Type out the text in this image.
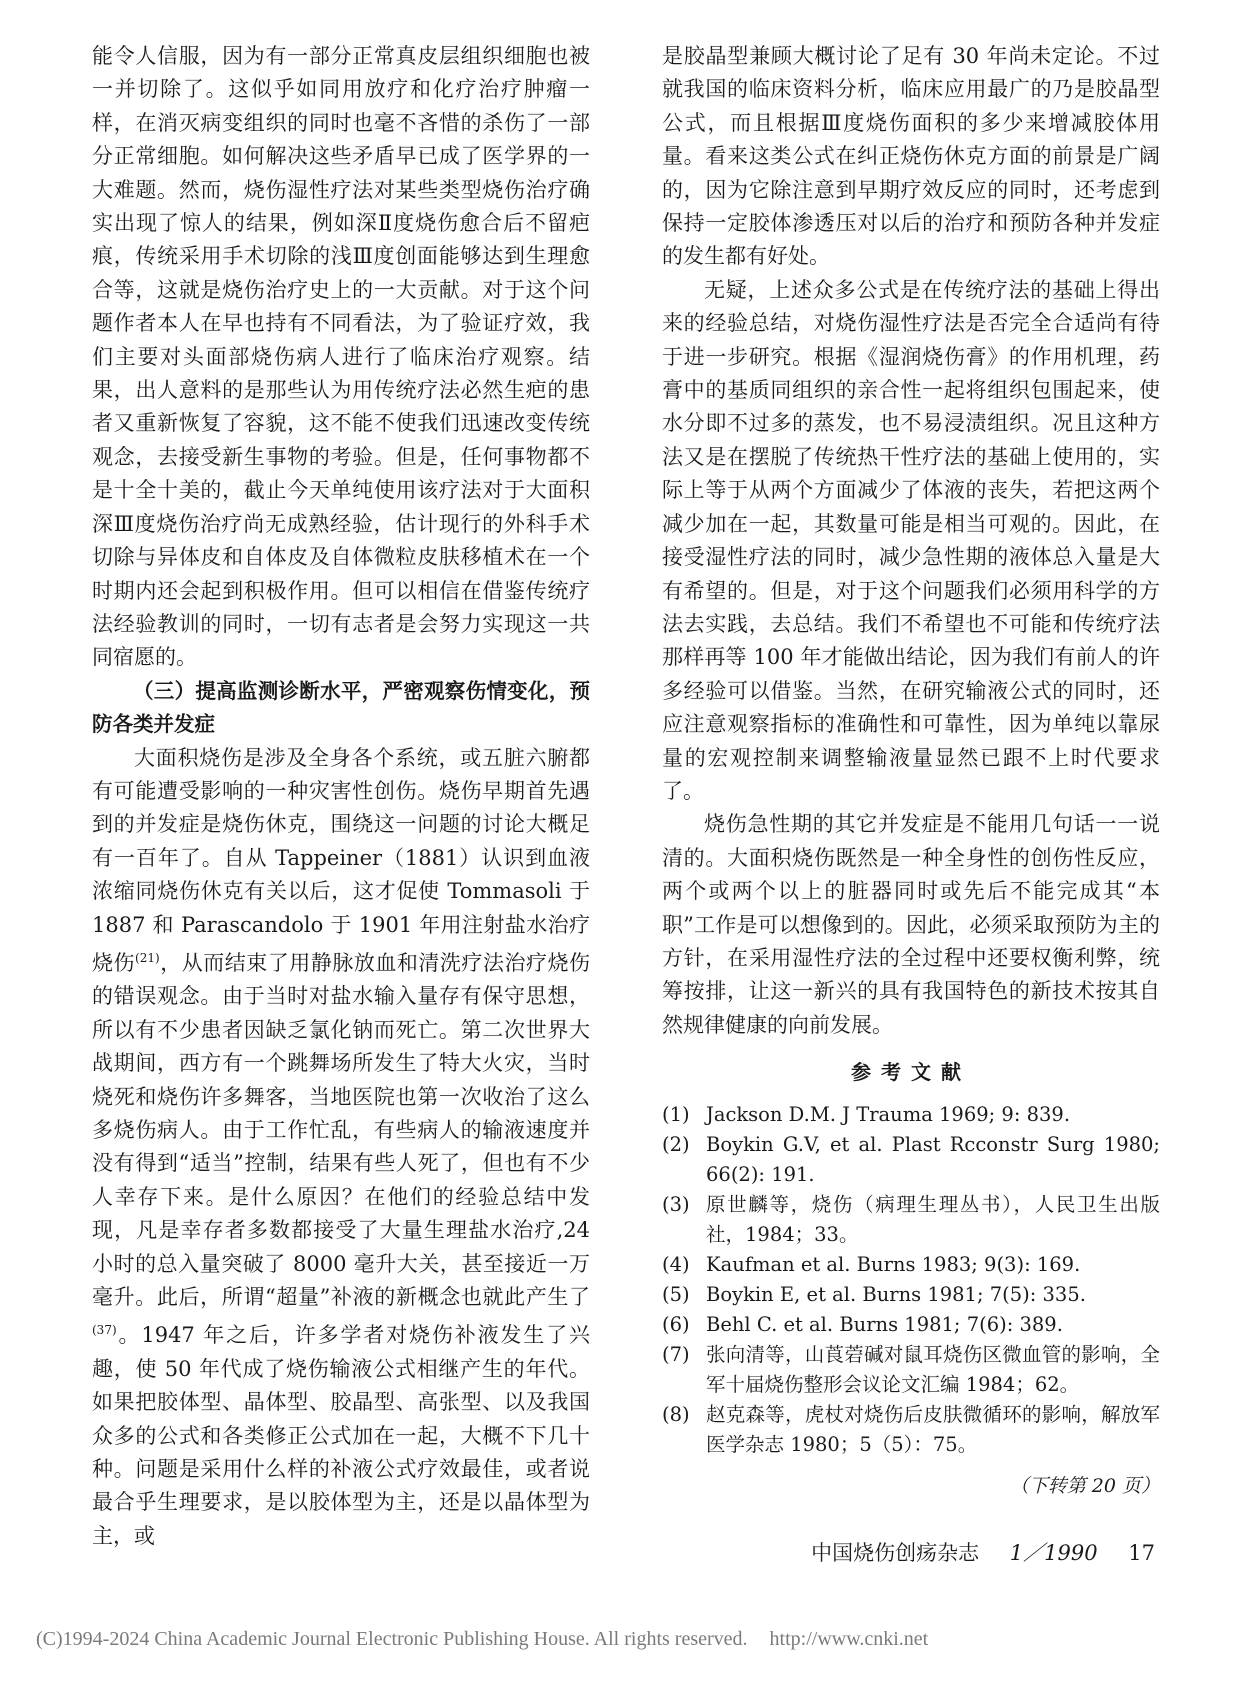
能令人信服，因为有一部分正常真皮层组织细胞也被一并切除了。这似乎如同用放疗和化疗治疗肿瘤一样，在消灭病变组织的同时也毫不吝惜的杀伤了一部分正常细胞。如何解决这些矛盾早已成了医学界的一大难题。然而，烧伤湿性疗法对某些类型烧伤治疗确实出现了惊人的结果，例如深Ⅱ度烧伤愈合后不留疤痕，传统采用手术切除的浅Ⅲ度创面能够达到生理愈合等，这就是烧伤治疗史上的一大贡献。对于这个问题作者本人在早也持有不同看法，为了验证疗效，我们主要对头面部烧伤病人进行了临床治疗观察。结果，出人意料的是那些认为用传统疗法必然生疤的患者又重新恢复了容貌，这不能不使我们迅速改变传统观念，去接受新生事物的考验。但是，任何事物都不是十全十美的，截止今天单纯使用该疗法对于大面积深Ⅲ度烧伤治疗尚无成熟经验，估计现行的外科手术切除与异体皮和自体皮及自体微粒皮肤移植术在一个时期内还会起到积极作用。但可以相信在借鉴传统疗法经验教训的同时，一切有志者是会努力实现这一共同宿愿的。

（三）提高监测诊断水平，严密观察伤情变化，预防各类并发症

大面积烧伤是涉及全身各个系统，或五脏六腑都有可能遭受影响的一种灾害性创伤。烧伤早期首先遇到的并发症是烧伤休克，围绕这一问题的讨论大概足有一百年了。自从 Tappeiner（1881）认识到血液浓缩同烧伤休克有关以后，这才促使 Tommasoli 于 1887 和 Parascandolo 于 1901 年用注射盐水治疗烧伤$^{(21)}$，从而结束了用静脉放血和清洗疗法治疗烧伤的错误观念。由于当时对盐水输入量存有保守思想，所以有不少患者因缺乏氯化钠而死亡。第二次世界大战期间，西方有一个跳舞场所发生了特大火灾，当时烧死和烧伤许多舞客，当地医院也第一次收治了这么多烧伤病人。由于工作忙乱，有些病人的输液速度并没有得到“适当”控制，结果有些人死了，但也有不少人幸存下来。是什么原因？在他们的经验总结中发现，凡是幸存者多数都接受了大量生理盐水治疗,24 小时的总入量突破了 8000 毫升大关，甚至接近一万毫升。此后，所谓“超量”补液的新概念也就此产生了$^{(37)}$。1947 年之后，许多学者对烧伤补液发生了兴趣，使 50 年代成了烧伤输液公式相继产生的年代。如果把胶体型、晶体型、胶晶型、高张型、以及我国众多的公式和各类修正公式加在一起，大概不下几十种。问题是采用什么样的补液公式疗效最佳，或者说最合乎生理要求，是以胶体型为主，还是以晶体型为主，或

是胶晶型兼顾大概讨论了足有 30 年尚未定论。不过就我国的临床资料分析，临床应用最广的乃是胶晶型公式，而且根据Ⅲ度烧伤面积的多少来增减胶体用量。看来这类公式在纠正烧伤休克方面的前景是广阔的，因为它除注意到早期疗效反应的同时，还考虑到保持一定胶体渗透压对以后的治疗和预防各种并发症的发生都有好处。

无疑，上述众多公式是在传统疗法的基础上得出来的经验总结，对烧伤湿性疗法是否完全合适尚有待于进一步研究。根据《湿润烧伤膏》的作用机理，药膏中的基质同组织的亲合性一起将组织包围起来，使水分即不过多的蒸发，也不易浸渍组织。况且这种方法又是在摆脱了传统热干性疗法的基础上使用的，实际上等于从两个方面减少了体液的丧失，若把这两个减少加在一起，其数量可能是相当可观的。因此，在接受湿性疗法的同时，减少急性期的液体总入量是大有希望的。但是，对于这个问题我们必须用科学的方法去实践，去总结。我们不希望也不可能和传统疗法那样再等 100 年才能做出结论，因为我们有前人的许多经验可以借鉴。当然，在研究输液公式的同时，还应注意观察指标的准确性和可靠性，因为单纯以靠尿量的宏观控制来调整输液量显然已跟不上时代要求了。

烧伤急性期的其它并发症是不能用几句话一一说清的。大面积烧伤既然是一种全身性的创伤性反应，两个或两个以上的脏器同时或先后不能完成其“本职”工作是可以想像到的。因此，必须采取预防为主的方针，在采用湿性疗法的全过程中还要权衡利弊，统筹按排，让这一新兴的具有我国特色的新技术按其自然规律健康的向前发展。

参考文献
(1) Jackson D.M. J Trauma 1969; 9: 839.
(2) Boykin G.V, et al. Plast Rcconstr Surg 1980; 66(2): 191.
(3) 原世麟等，烧伤（病理生理丛书），人民卫生出版社，1984；33。
(4) Kaufman et al. Burns 1983; 9(3): 169.
(5) Boykin E, et al. Burns 1981; 7(5): 335.
(6) Behl C. et al. Burns 1981; 7(6): 389.
(7) 张向清等，山莨菪碱对鼠耳烧伤区微血管的影响，全军十届烧伤整形会议论文汇编 1984；62。
(8) 赵克森等，虎杖对烧伤后皮肤微循环的影响，解放军医学杂志 1980；5（5）：75。

（下转第 20 页）

中国烧伤创疡杂志 1／1990 17
(C)1994-2024 China Academic Journal Electronic Publishing House. All rights reserved. http://www.cnki.net
